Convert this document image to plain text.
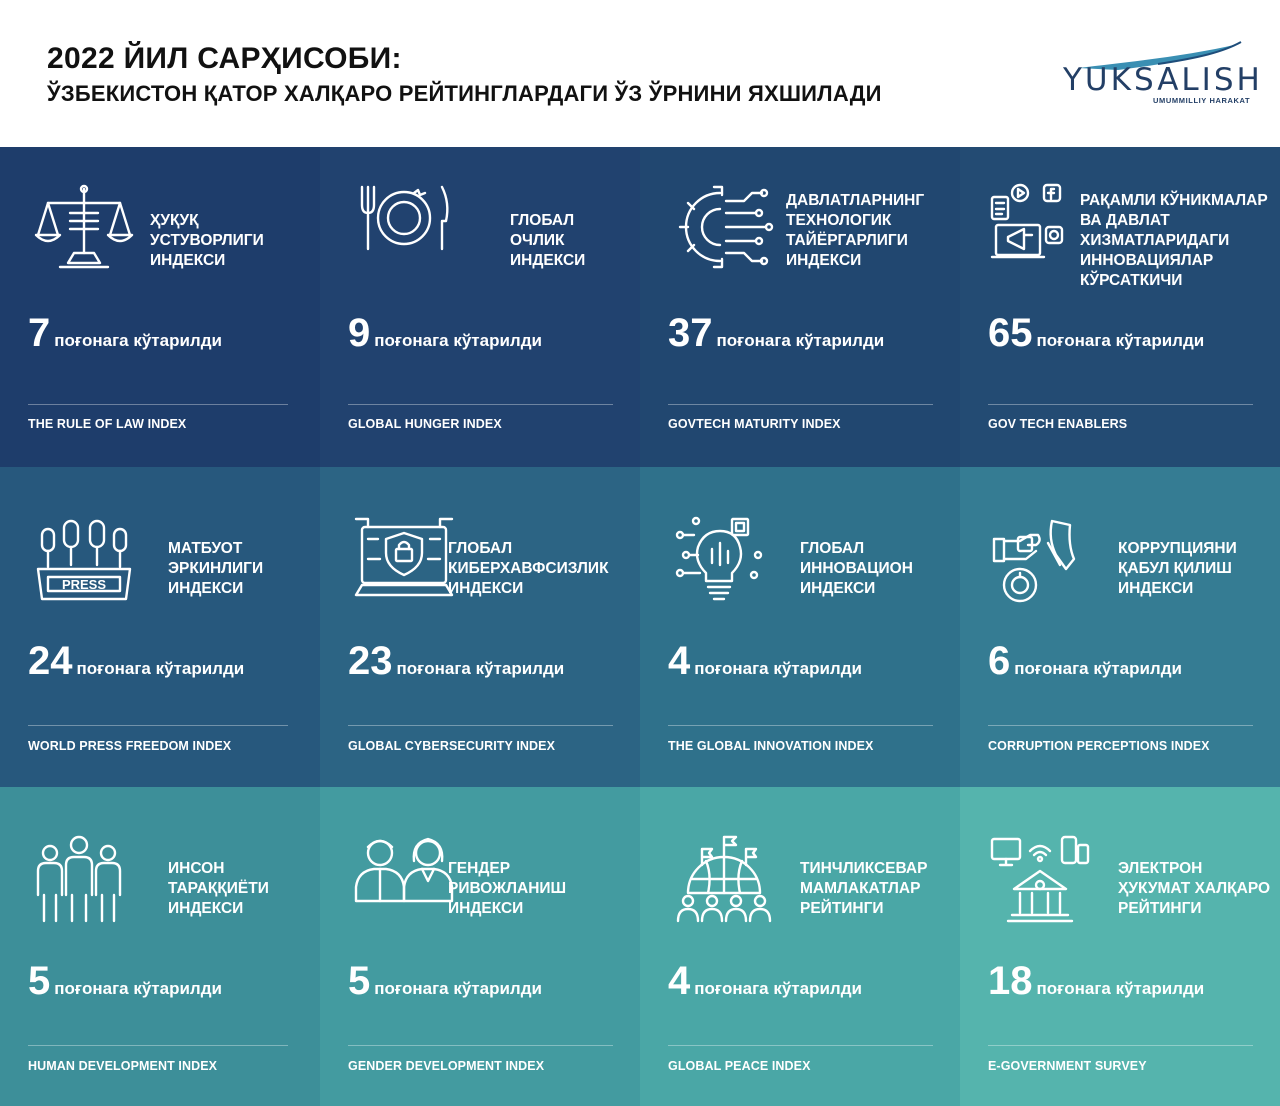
2022 ЙИЛ САРҲИСОБИ:
ЎЗБЕКИСТОН ҚАТОР ХАЛҚАРО РЕЙТИНГЛАРДАГИ ЎЗ ЎРНИНИ ЯХШИЛАДИ	YUKSALISH
UMUMMILLIY HARAKAT
ҲУҚУҚ
УСТУВОРЛИГИ
ИНДЕКСИ
7 поғонага кўтарилди
THE RULE OF LAW INDEX
ГЛОБАЛ
ОЧЛИК
ИНДЕКСИ
9 поғонага кўтарилди
GLOBAL HUNGER INDEX
ДАВЛАТЛАРНИНГ
ТЕХНОЛОГИК
ТАЙЁРГАРЛИГИ
ИНДЕКСИ
37 поғонага кўтарилди
GOVTECH MATURITY INDEX
РАҚАМЛИ КЎНИКМАЛАР
ВА ДАВЛАТ
ХИЗМАТЛАРИДАГИ
ИННОВАЦИЯЛАР
КЎРСАТКИЧИ
65 поғонага кўтарилди
GOV TECH ENABLERS
PRESS
МАТБУОТ
ЭРКИНЛИГИ
ИНДЕКСИ
24 поғонага кўтарилди
WORLD PRESS FREEDOM INDEX
ГЛОБАЛ
КИБЕРХАВФСИЗЛИК
ИНДЕКСИ
23 поғонага кўтарилди
GLOBAL CYBERSECURITY INDEX
ГЛОБАЛ
ИННОВАЦИОН
ИНДЕКСИ
4 поғонага кўтарилди
THE GLOBAL INNOVATION INDEX
КОРРУПЦИЯНИ
ҚАБУЛ ҚИЛИШ
ИНДЕКСИ
6 поғонага кўтарилди
CORRUPTION PERCEPTIONS INDEX
ИНСОН
ТАРАҚҚИЁТИ
ИНДЕКСИ
5 поғонага кўтарилди
HUMAN DEVELOPMENT INDEX
ГЕНДЕР
РИВОЖЛАНИШ
ИНДЕКСИ
5 поғонага кўтарилди
GENDER DEVELOPMENT INDEX
ТИНЧЛИКСЕВАР
МАМЛАКАТЛАР
РЕЙТИНГИ
4 поғонага кўтарилди
GLOBAL PEACE INDEX
ЭЛЕКТРОН
ҲУКУМАТ ХАЛҚАРО
РЕЙТИНГИ
18 поғонага кўтарилди
E-GOVERNMENT SURVEY
